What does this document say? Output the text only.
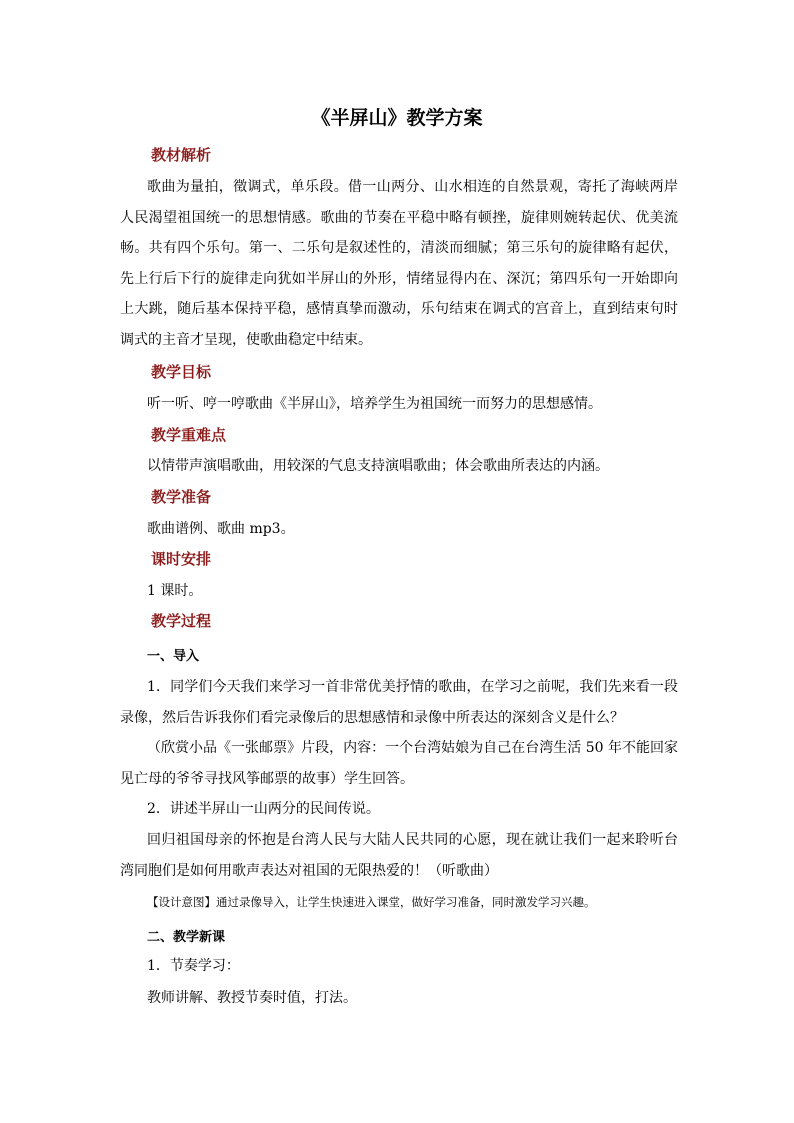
《半屏山》教学方案
教材解析

歌曲为量拍，徵调式，单乐段。借一山两分、山水相连的自然景观，寄托了海峡两岸人民渴望祖国统一的思想情感。歌曲的节奏在平稳中略有顿挫，旋律则婉转起伏、优美流畅。共有四个乐句。第一、二乐句是叙述性的，清淡而细腻；第三乐句的旋律略有起伏，先上行后下行的旋律走向犹如半屏山的外形，情绪显得内在、深沉；第四乐句一开始即向上大跳，随后基本保持平稳，感情真挚而激动，乐句结束在调式的宫音上，直到结束句时调式的主音才呈现，使歌曲稳定中结束。

教学目标

听一听、哼一哼歌曲《半屏山》，培养学生为祖国统一而努力的思想感情。

教学重难点

以情带声演唱歌曲，用较深的气息支持演唱歌曲；体会歌曲所表达的内涵。

教学准备

歌曲谱例、歌曲 mp3。

课时安排

1 课时。

教学过程
一、导入

1．同学们今天我们来学习一首非常优美抒情的歌曲，在学习之前呢，我们先来看一段录像，然后告诉我你们看完录像后的思想感情和录像中所表达的深刻含义是什么？

（欣赏小品《一张邮票》片段，内容：一个台湾姑娘为自己在台湾生活 50 年不能回家见亡母的爷爷寻找风筝邮票的故事）学生回答。

2．讲述半屏山一山两分的民间传说。

回归祖国母亲的怀抱是台湾人民与大陆人民共同的心愿，现在就让我们一起来聆听台湾同胞们是如何用歌声表达对祖国的无限热爱的！（听歌曲）

【设计意图】通过录像导入，让学生快速进入课堂，做好学习准备，同时激发学习兴趣。
二、教学新课

1．节奏学习：

教师讲解、教授节奏时值，打法。
